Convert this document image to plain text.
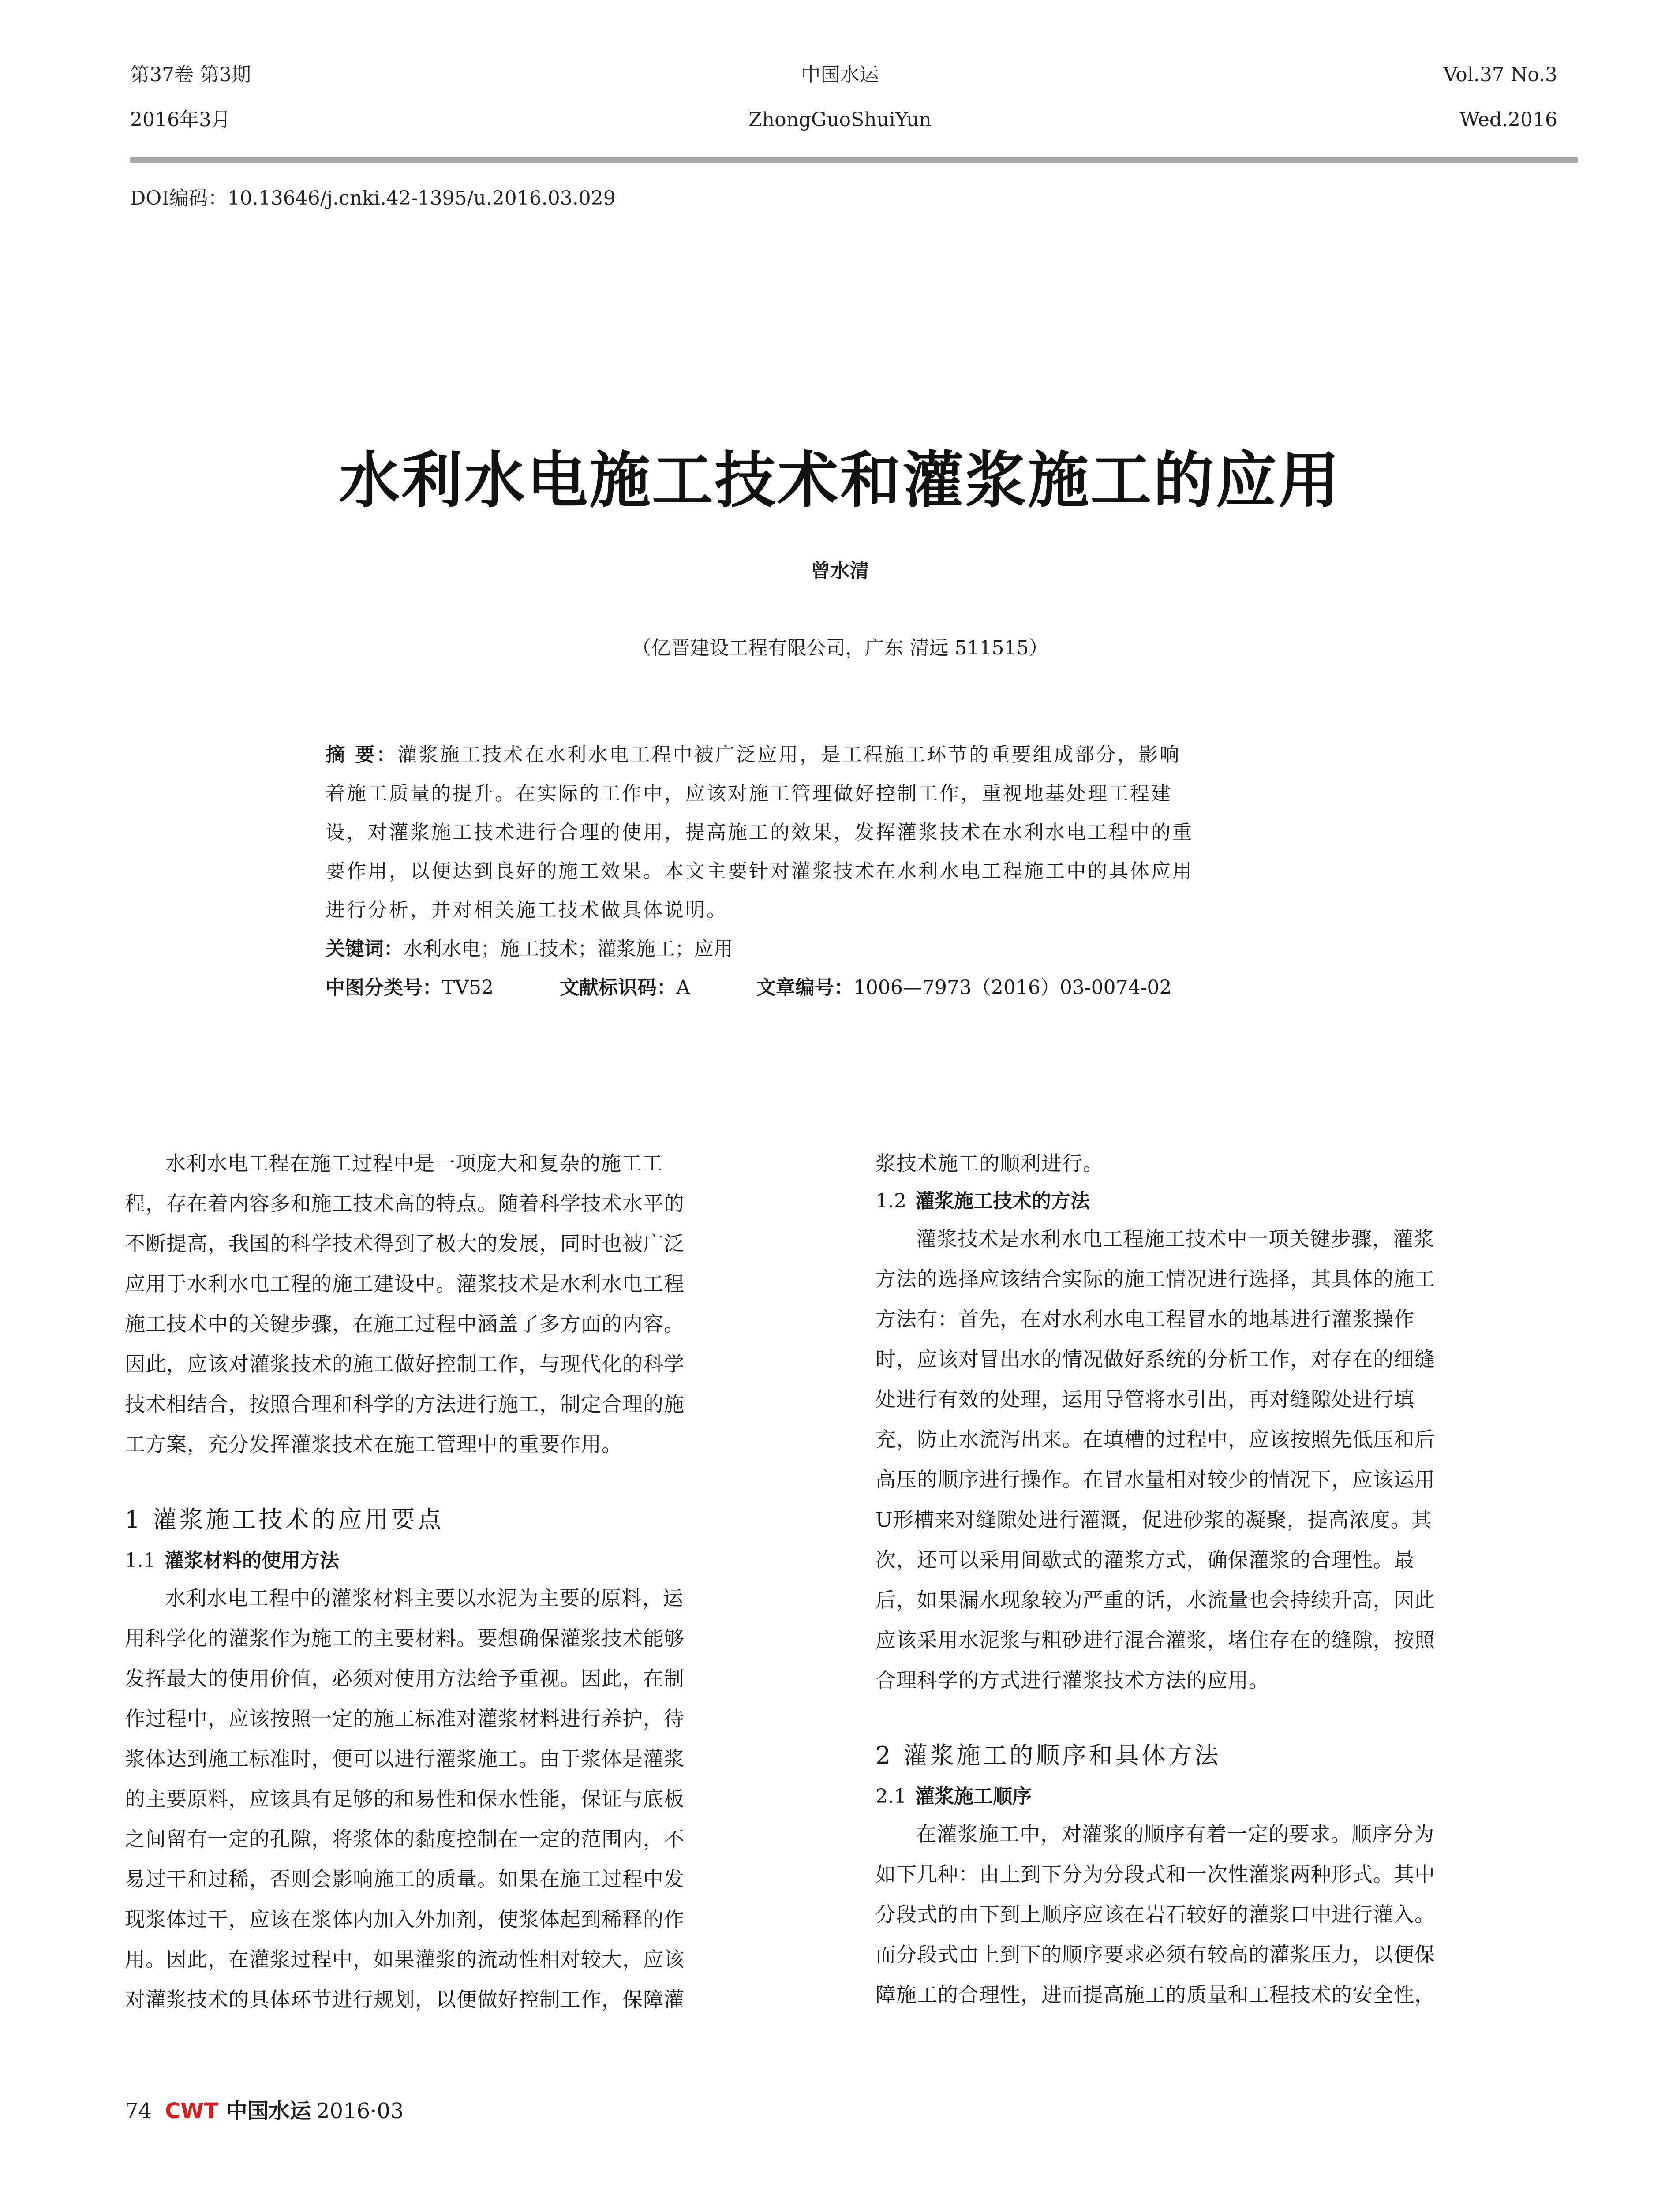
第37卷 第3期
2016年3月
中国水运
ZhongGuoShuiYun
Vol.37 No.3
Wed.2016
DOI编码：10.13646/j.cnki.42-1395/u.2016.03.029
水利水电施工技术和灌浆施工的应用
曾水清
（亿晋建设工程有限公司，广东 清远 511515）
摘 要：灌浆施工技术在水利水电工程中被广泛应用，是工程施工环节的重要组成部分，影响
着施工质量的提升。在实际的工作中，应该对施工管理做好控制工作，重视地基处理工程建
设，对灌浆施工技术进行合理的使用，提高施工的效果，发挥灌浆技术在水利水电工程中的重
要作用，以便达到良好的施工效果。本文主要针对灌浆技术在水利水电工程施工中的具体应用
进行分析，并对相关施工技术做具体说明。
关键词：水利水电；施工技术；灌浆施工；应用
中图分类号：TV52	文献标识码：A	文章编号：1006—7973（2016）03-0074-02
水利水电工程在施工过程中是一项庞大和复杂的施工工
程，存在着内容多和施工技术高的特点。随着科学技术水平的
不断提高，我国的科学技术得到了极大的发展，同时也被广泛
应用于水利水电工程的施工建设中。灌浆技术是水利水电工程
施工技术中的关键步骤，在施工过程中涵盖了多方面的内容。
因此，应该对灌浆技术的施工做好控制工作，与现代化的科学
技术相结合，按照合理和科学的方法进行施工，制定合理的施
工方案，充分发挥灌浆技术在施工管理中的重要作用。
1 灌浆施工技术的应用要点
1.1 灌浆材料的使用方法
水利水电工程中的灌浆材料主要以水泥为主要的原料，运
用科学化的灌浆作为施工的主要材料。要想确保灌浆技术能够
发挥最大的使用价值，必须对使用方法给予重视。因此，在制
作过程中，应该按照一定的施工标准对灌浆材料进行养护，待
浆体达到施工标准时，便可以进行灌浆施工。由于浆体是灌浆
的主要原料，应该具有足够的和易性和保水性能，保证与底板
之间留有一定的孔隙，将浆体的黏度控制在一定的范围内，不
易过干和过稀，否则会影响施工的质量。如果在施工过程中发
现浆体过干，应该在浆体内加入外加剂，使浆体起到稀释的作
用。因此，在灌浆过程中，如果灌浆的流动性相对较大，应该
对灌浆技术的具体环节进行规划，以便做好控制工作，保障灌
浆技术施工的顺利进行。
1.2 灌浆施工技术的方法
灌浆技术是水利水电工程施工技术中一项关键步骤，灌浆
方法的选择应该结合实际的施工情况进行选择，其具体的施工
方法有：首先，在对水利水电工程冒水的地基进行灌浆操作
时，应该对冒出水的情况做好系统的分析工作，对存在的细缝
处进行有效的处理，运用导管将水引出，再对缝隙处进行填
充，防止水流泻出来。在填槽的过程中，应该按照先低压和后
高压的顺序进行操作。在冒水量相对较少的情况下，应该运用
U形槽来对缝隙处进行灌溉，促进砂浆的凝聚，提高浓度。其
次，还可以采用间歇式的灌浆方式，确保灌浆的合理性。最
后，如果漏水现象较为严重的话，水流量也会持续升高，因此
应该采用水泥浆与粗砂进行混合灌浆，堵住存在的缝隙，按照
合理科学的方式进行灌浆技术方法的应用。
2 灌浆施工的顺序和具体方法
2.1 灌浆施工顺序
在灌浆施工中，对灌浆的顺序有着一定的要求。顺序分为
如下几种：由上到下分为分段式和一次性灌浆两种形式。其中
分段式的由下到上顺序应该在岩石较好的灌浆口中进行灌入。
而分段式由上到下的顺序要求必须有较高的灌浆压力，以便保
障施工的合理性，进而提高施工的质量和工程技术的安全性，
74 CWT 中国水运 2016·03
